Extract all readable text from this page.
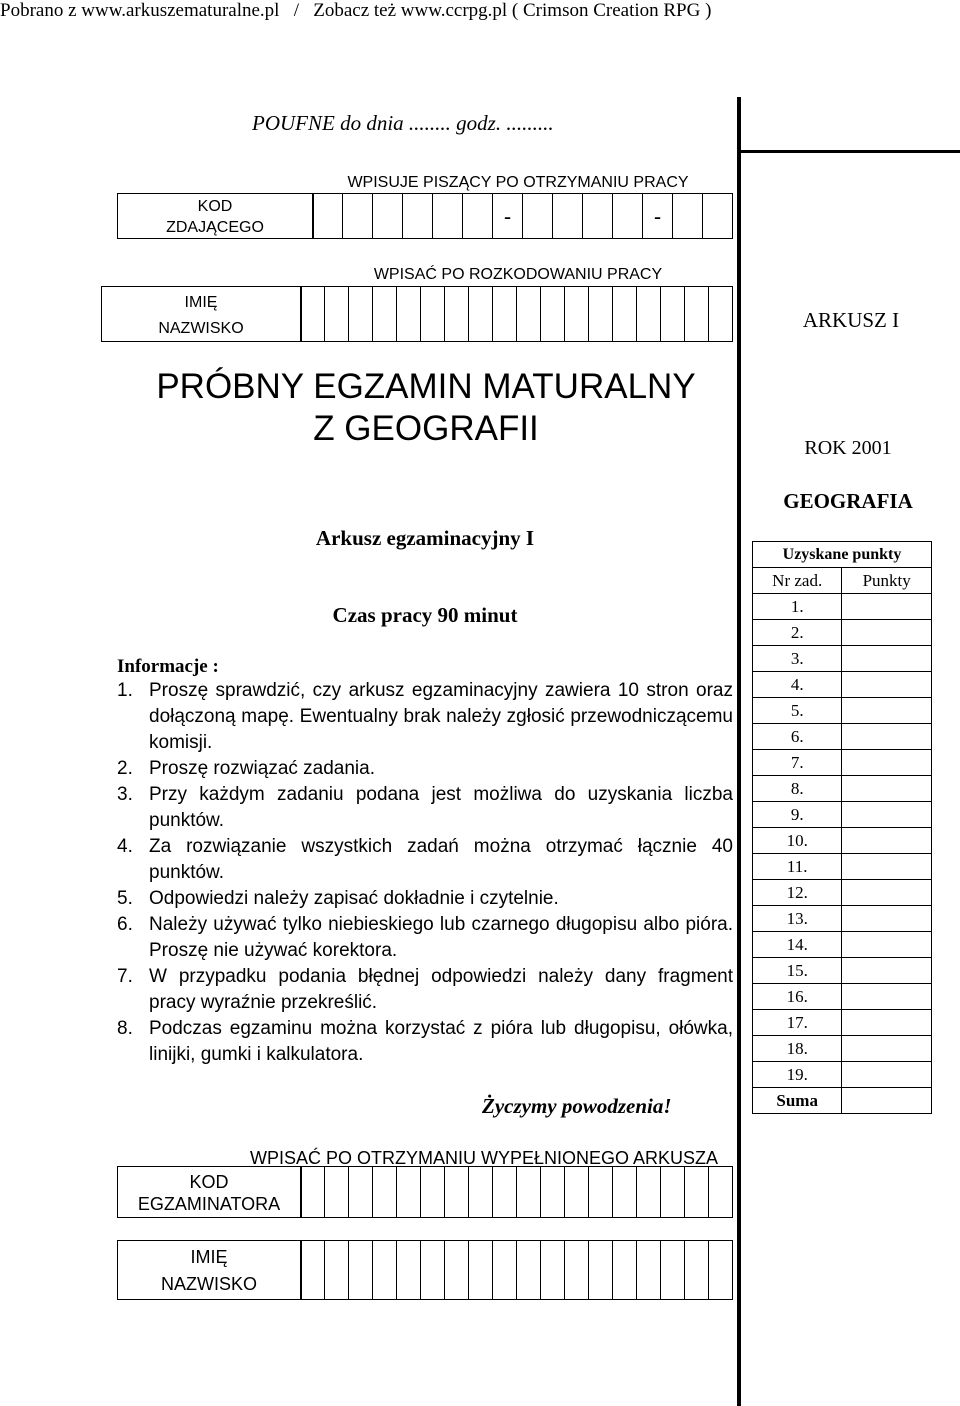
Pobrano z www.arkuszematuralne.pl   /   Zobacz też www.ccrpg.pl ( Crimson Creation RPG )
POUFNE do dnia ........ godz. .........
WPISUJE PISZĄCY PO OTRZYMANIU PRACY
KOD
ZDAJĄCEGO	-	-
WPISAĆ PO ROZKODOWANIU PRACY
IMIĘ
NAZWISKO	ARKUSZ I
PRÓBNY EGZAMIN MATURALNY
Z GEOGRAFII	ROK 2001
GEOGRAFIA
Arkusz egzaminacyjny I
Czas pracy 90 minut
Informacje :
1. Proszę sprawdzić, czy arkusz egzaminacyjny zawiera 10 stron oraz dołączoną mapę. Ewentualny brak należy zgłosić przewodniczącemu komisji.
2. Proszę rozwiązać zadania.
3. Przy każdym zadaniu podana jest możliwa do uzyskania liczba punktów.
4. Za rozwiązanie wszystkich zadań można otrzymać łącznie 40 punktów.
5. Odpowiedzi należy zapisać dokładnie i czytelnie.
6. Należy używać tylko niebieskiego lub czarnego długopisu albo pióra. Proszę nie używać korektora.
7. W przypadku podania błędnej odpowiedzi należy dany fragment pracy wyraźnie przekreślić.
8. Podczas egzaminu można korzystać z pióra lub długopisu, ołówka, linijki, gumki i kalkulatora.
Życzymy powodzenia!
Uzyskane punkty	
Nr zad.	Punkty
1.	
2.	
3.	
4.	
5.	
6.	
7.	
8.	
9.	
10.	
11.	
12.	
13.	
14.	
15.	
16.	
17.	
18.	
19.	
Suma	
WPISAĆ PO OTRZYMANIU WYPEŁNIONEGO ARKUSZA
KOD
EGZAMINATORA
IMIĘ
NAZWISKO
